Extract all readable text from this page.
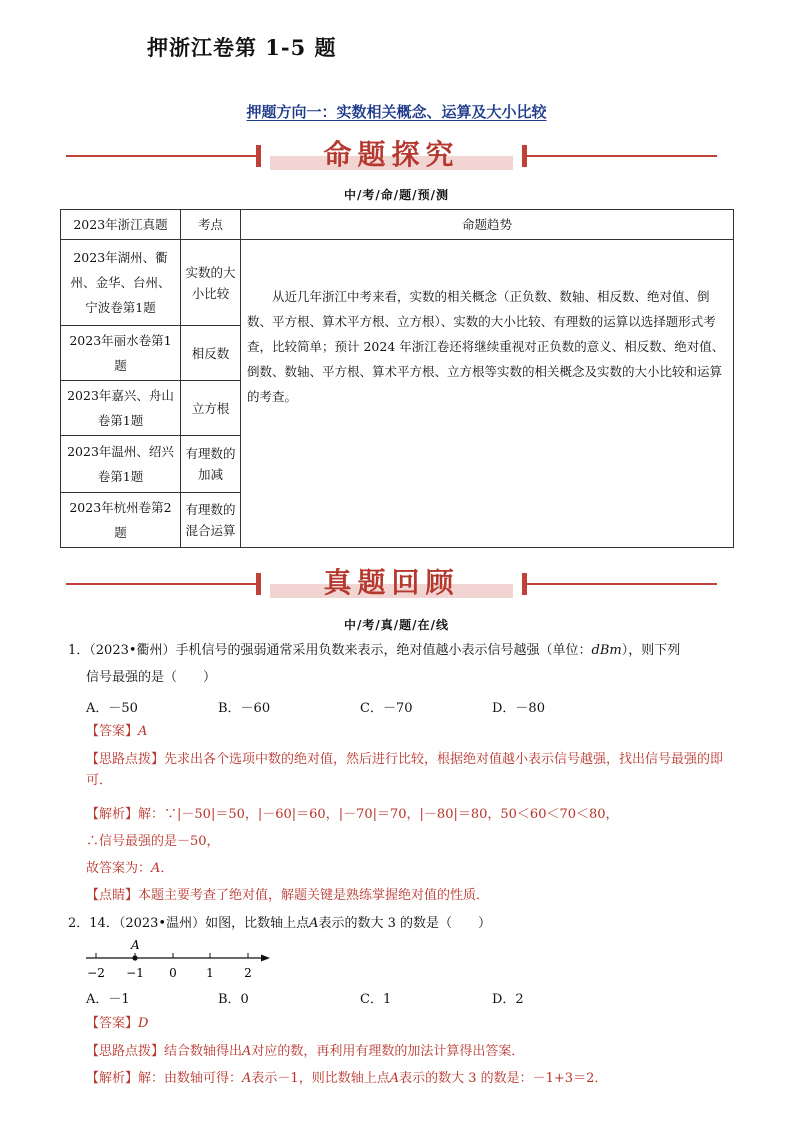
押浙江卷第 1-5 题
押题方向一：实数相关概念、运算及大小比较
命题探究
中/考/命/题/预/测
2023年浙江真题	考点	命题趋势
2023年湖州、衢州、金华、台州、宁波卷第1题	实数的大小比较	从近几年浙江中考来看，实数的相关概念（正负数、数轴、相反数、绝对值、倒数、平方根、算术平方根、立方根）、实数的大小比较、有理数的运算以选择题形式考查，比较简单；预计 2024 年浙江卷还将继续重视对正负数的意义、相反数、绝对值、倒数、数轴、平方根、算术平方根、立方根等实数的相关概念及实数的大小比较和运算的考查。
2023年丽水卷第1题	相反数	
2023年嘉兴、舟山卷第1题	立方根	
2023年温州、绍兴卷第1题	有理数的加减	
2023年杭州卷第2题	有理数的混合运算	
真题回顾
中/考/真/题/在/线
1．（2023•衢州）手机信号的强弱通常采用负数来表示，绝对值越小表示信号越强（单位：dBm），则下列
信号最强的是（　　）
A．－50	B．－60	C．－70	D．－80
【答案】A
【思路点拨】先求出各个选项中数的绝对值，然后进行比较，根据绝对值越小表示信号越强，找出信号最强的即可．
【解析】解：∵|－50|＝50，|－60|＝60，|－70|＝70，|－80|＝80，50＜60＜70＜80，
∴信号最强的是－50，
故答案为：A．
【点睛】本题主要考查了绝对值，解题关键是熟练掌握绝对值的性质．
2．14．（2023•温州）如图，比数轴上点A表示的数大 3 的数是（　　）
A
−2 −1 0 1	2
A．－1	B．0	C．1	D．2
【答案】D
【思路点拨】结合数轴得出A对应的数，再利用有理数的加法计算得出答案．
【解析】解：由数轴可得：A表示－1，则比数轴上点A表示的数大 3 的数是：－1+3＝2．
